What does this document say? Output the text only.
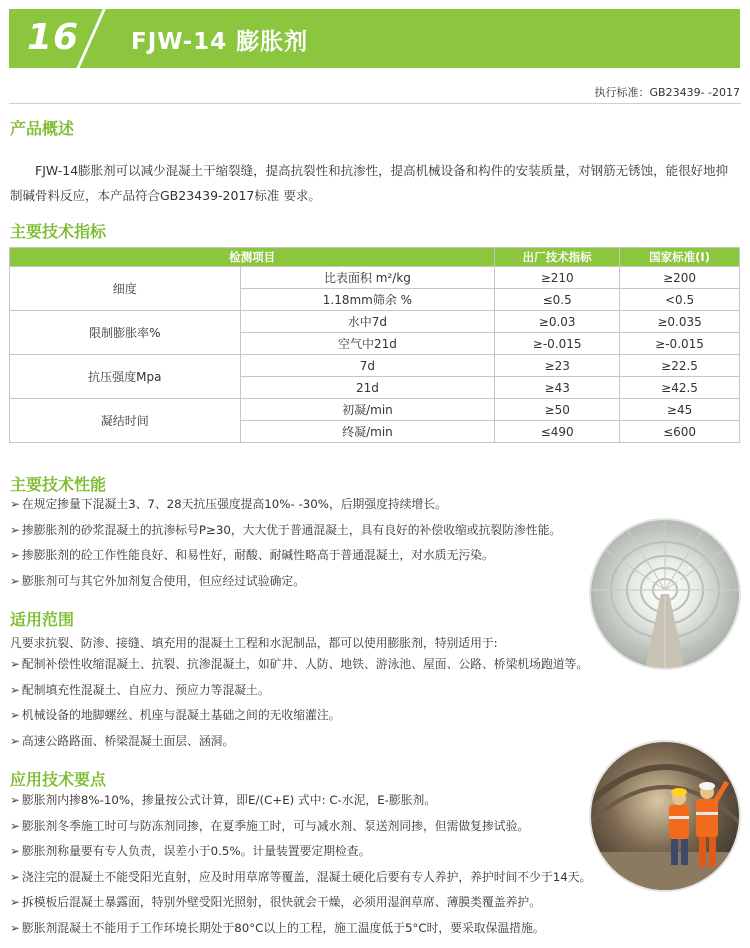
16 FJW-14 膨胀剂
执行标准：GB23439- -2017
产品概述
FJW-14膨胀剂可以减少混凝土干缩裂缝，提高抗裂性和抗渗性，提高机械设备和构件的安装质量，对钢筋无锈蚀，能很好地抑制碱骨料反应，本产品符合GB23439-2017标准 要求。
主要技术指标
检测项目		出厂技术指标	国家标准(Ⅰ)
细度	比表面积 m²/kg	≥210	≥200
	1.18mm筛余 %	≤0.5	<0.5
限制膨胀率%	水中7d	≥0.03	≥0.035
	空气中21d	≥-0.015	≥-0.015
抗压强度Mpa	7d	≥23	≥22.5
	21d	≥43	≥42.5
凝结时间	初凝/min	≥50	≥45
	终凝/min	≤490	≤600
主要技术性能
➢ 在规定掺量下混凝土3、7、28天抗压强度提高10%- -30%，后期强度持续增长。
➢ 掺膨胀剂的砂浆混凝土的抗渗标号P≥30，大大优于普通混凝土，具有良好的补偿收缩或抗裂防渗性能。
➢ 掺膨胀剂的砼工作性能良好、和易性好，耐酸、耐碱性略高于普通混凝土，对水质无污染。
➢ 膨胀剂可与其它外加剂复合使用，但应经过试验确定。
适用范围
凡要求抗裂、防渗、接缝、填充用的混凝土工程和水泥制品，都可以使用膨胀剂，特别适用于:
➢ 配制补偿性收缩混凝土、抗裂、抗渗混凝土，如矿井、人防、地铁、游泳池、屋面、公路、桥梁机场跑道等。
➢ 配制填充性混凝土、自应力、预应力等混凝土。
➢ 机械设备的地脚螺丝、机座与混凝土基础之间的无收缩灌注。
➢ 高速公路路面、桥梁混凝土面层、涵洞。
应用技术要点
➢ 膨胀剂内掺8%-10%，掺量按公式计算，即E/(C+E) 式中: C-水泥，E-膨胀剂。
➢ 膨胀剂冬季施工时可与防冻剂同掺，在夏季施工时，可与减水剂、泵送剂同掺，但需做复掺试验。
➢ 膨胀剂称量要有专人负责，误差小于0.5%。计量装置要定期检查。
➢ 浇注完的混凝土不能受阳光直射，应及时用草席等覆盖，混凝土硬化后要有专人养护，养护时间不少于14天。
➢ 拆模板后混凝土暴露面，特别外壁受阳光照射，很快就会干燥，必须用湿润草席、薄膜类覆盖养护。
➢ 膨胀剂混凝土不能用于工作环境长期处于80°C以上的工程，施工温度低于5°C时，要采取保温措施。
